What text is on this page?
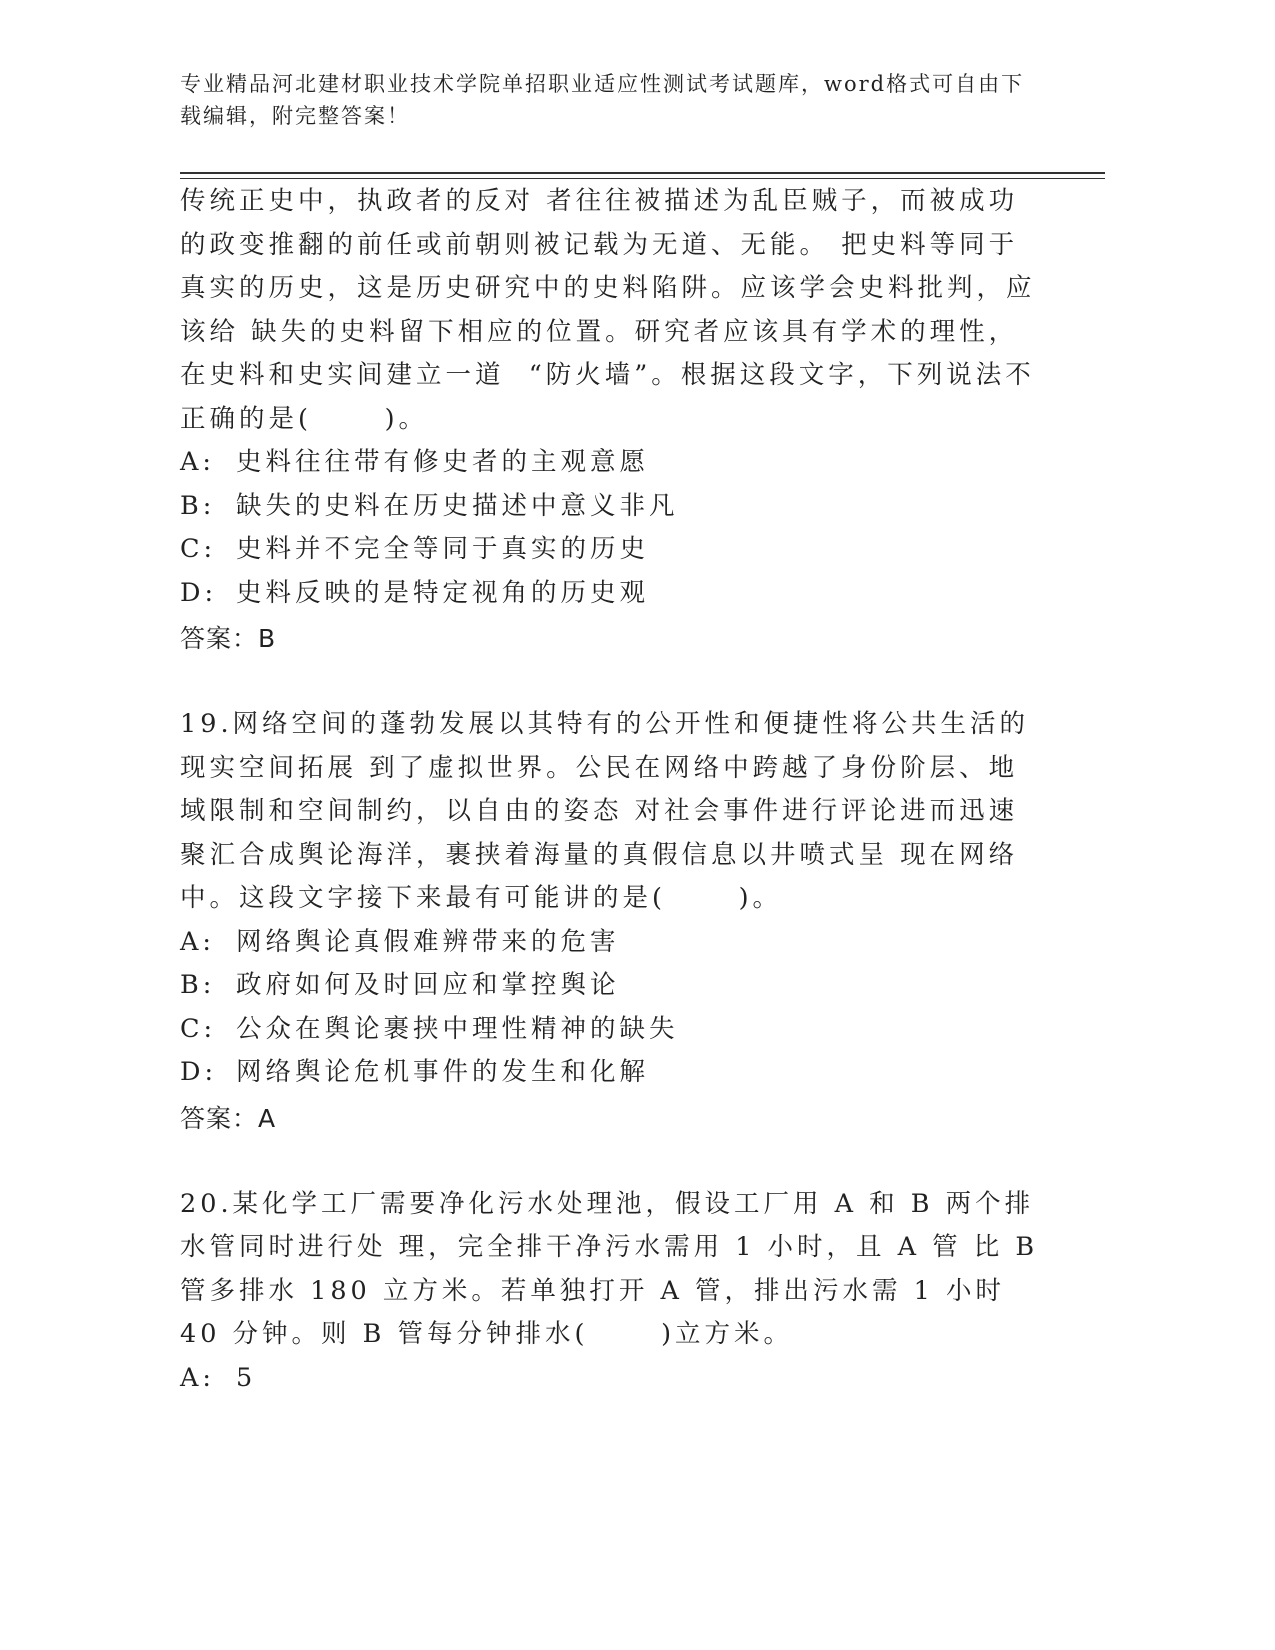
专业精品河北建材职业技术学院单招职业适应性测试考试题库，word格式可自由下载编辑，附完整答案！
传统正史中，执政者的反对 者往往被描述为乱臣贼子，而被成功的政变推翻的前任或前朝则被记载为无道、无能。 把史料等同于真实的历史，这是历史研究中的史料陷阱。应该学会史料批判，应该给 缺失的史料留下相应的位置。研究者应该具有学术的理性，在史料和史实间建立一道  “防火墙”。根据这段文字，下列说法不正确的是(      )。
A: 史料往往带有修史者的主观意愿
B: 缺失的史料在历史描述中意义非凡
C: 史料并不完全等同于真实的历史
D: 史料反映的是特定视角的历史观
答案：B
19.网络空间的蓬勃发展以其特有的公开性和便捷性将公共生活的现实空间拓展 到了虚拟世界。公民在网络中跨越了身份阶层、地域限制和空间制约，以自由的姿态 对社会事件进行评论进而迅速聚汇合成舆论海洋，裹挟着海量的真假信息以井喷式呈 现在网络中。这段文字接下来最有可能讲的是(      )。
A: 网络舆论真假难辨带来的危害
B: 政府如何及时回应和掌控舆论
C: 公众在舆论裹挟中理性精神的缺失
D: 网络舆论危机事件的发生和化解
答案：A
20.某化学工厂需要净化污水处理池，假设工厂用 A 和 B 两个排水管同时进行处 理，完全排干净污水需用 1 小时，且 A 管 比 B 管多排水 180 立方米。若单独打开 A 管，排出污水需 1 小时 40 分钟。则 B 管每分钟排水(      )立方米。
A: 5
